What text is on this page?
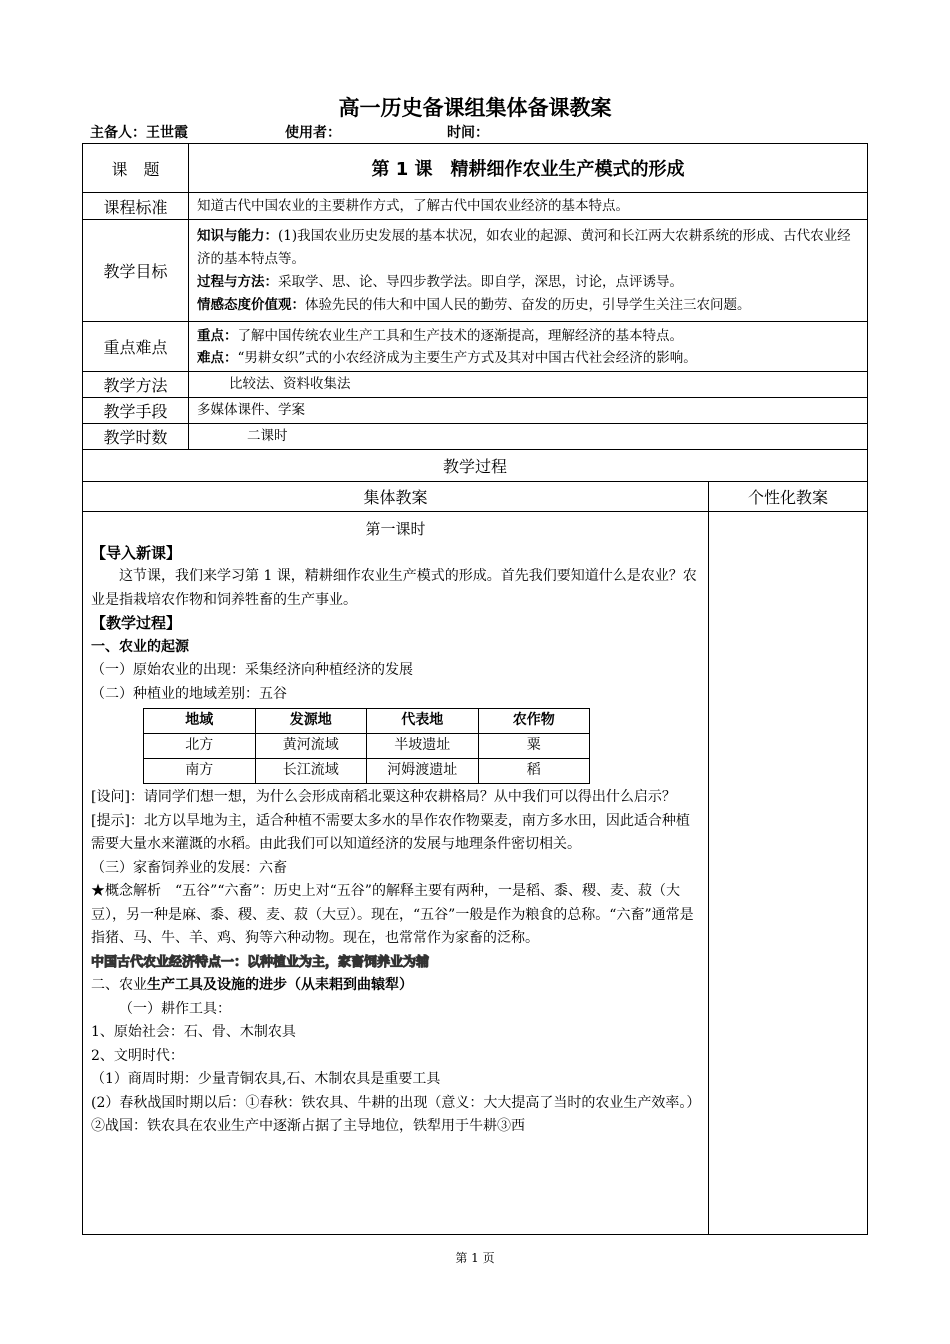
高一历史备课组集体备课教案
主备人：王世霞	使用者：	时间：
课　题	第 1 课　精耕细作农业生产模式的形成
课程标准	知道古代中国农业的主要耕作方式，了解古代中国农业经济的基本特点。
教学目标	
知识与能力：(1)我国农业历史发展的基本状况，如农业的起源、黄河和长江两大农耕系统的形成、古代农业经济的基本特点等。
过程与方法：采取学、思、论、导四步教学法。即自学，深思，讨论，点评诱导。
情感态度价值观：体验先民的伟大和中国人民的勤劳、奋发的历史，引导学生关注三农问题。

重点难点	
重点：了解中国传统农业生产工具和生产技术的逐渐提高，理解经济的基本特点。
难点：“男耕女织”式的小农经济成为主要生产方式及其对中国古代社会经济的影响。

教学方法	比较法、资料收集法
教学手段	多媒体课件、学案
教学时数	二课时
教学过程
集体教案	个性化教案

第一课时

【导入新课】

这节课，我们来学习第 1 课，精耕细作农业生产模式的形成。首先我们要知道什么是农业？农业是指栽培农作物和饲养牲畜的生产事业。

【教学过程】

一、农业的起源

（一）原始农业的出现：采集经济向种植经济的发展

（二）种植业的地域差别：五谷

地域	发源地	代表地	农作物
北方	黄河流域	半坡遗址	粟
南方	长江流域	河姆渡遗址	稻

[设问]：请同学们想一想，为什么会形成南稻北粟这种农耕格局？从中我们可以得出什么启示？

[提示]：北方以旱地为主，适合种植不需要太多水的旱作农作物粟麦，南方多水田，因此适合种植需要大量水来灌溉的水稻。由此我们可以知道经济的发展与地理条件密切相关。

（三）家畜饲养业的发展：六畜

★概念解析　“五谷”“六畜”：历史上对“五谷”的解释主要有两种，一是稻、黍、稷、麦、菽（大豆），另一种是麻、黍、稷、麦、菽（大豆）。现在，“五谷”一般是作为粮食的总称。“六畜”通常是指猪、马、牛、羊、鸡、狗等六种动物。现在，也常常作为家畜的泛称。

中国古代农业经济特点一：以种植业为主，家畜饲养业为辅

二、农业生产工具及设施的进步（从耒耜到曲辕犁）

（一）耕作工具：

1、原始社会：石、骨、木制农具

2、文明时代：

（1）商周时期：少量青铜农具,石、木制农具是重要工具

(2）春秋战国时期以后：①春秋：铁农具、牛耕的出现（意义：大大提高了当时的农业生产效率。）②战国：铁农具在农业生产中逐渐占据了主导地位，铁犁用于牛耕③西

第 1 页
